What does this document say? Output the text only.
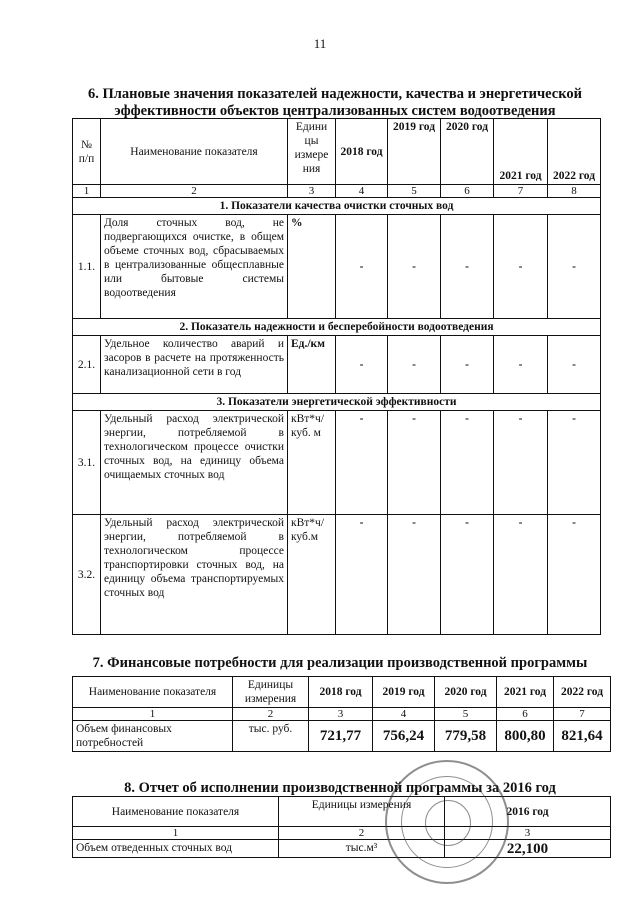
11
6. Плановые значения показателей надежности, качества и энергетической
эффективности объектов централизованных систем водоотведения
№ п/п	Наименование показателя	Едини цы измере ния	2018 год	2019 год	2020 год	2021 год	2022 год
1	2	3	4	5	6	7	8
1. Показатели качества очистки сточных вод							
1.1.	Доля сточных вод, не подвергающихся очистке, в общем объеме сточных вод, сбрасываемых в централизованные общесплавные или бытовые системы водоотведения	%	-	-	-	-	-
2. Показатель надежности и бесперебойности водоотведения							
2.1.	Удельное количество аварий и засоров в расчете на протяженность канализационной сети в год	Ед./км	-	-	-	-	-
3. Показатели энергетической эффективности							
3.1.	Удельный расход электрической энергии, потребляемой в технологическом процессе очистки сточных вод, на единицу объема очищаемых сточных вод	кВт*ч/ куб. м	-	-	-	-	-
3.2.	Удельный расход электрической энергии, потребляемой в технологическом процессе транспортировки сточных вод, на единицу объема транспортируемых сточных вод	кВт*ч/ куб.м	-	-	-	-	-
7. Финансовые потребности для реализации производственной программы
Наименование показателя	Единицы измерения	2018 год	2019 год	2020 год	2021 год	2022 год
1	2	3	4	5	6	7
Объем финансовых потребностей	тыс. руб.	721,77	756,24	779,58	800,80	821,64
8. Отчет об исполнении производственной программы за 2016 год
Наименование показателя	Единицы измерения	2016 год
1	2	3
Объем отведенных сточных вод	тыс.м³	22,100
